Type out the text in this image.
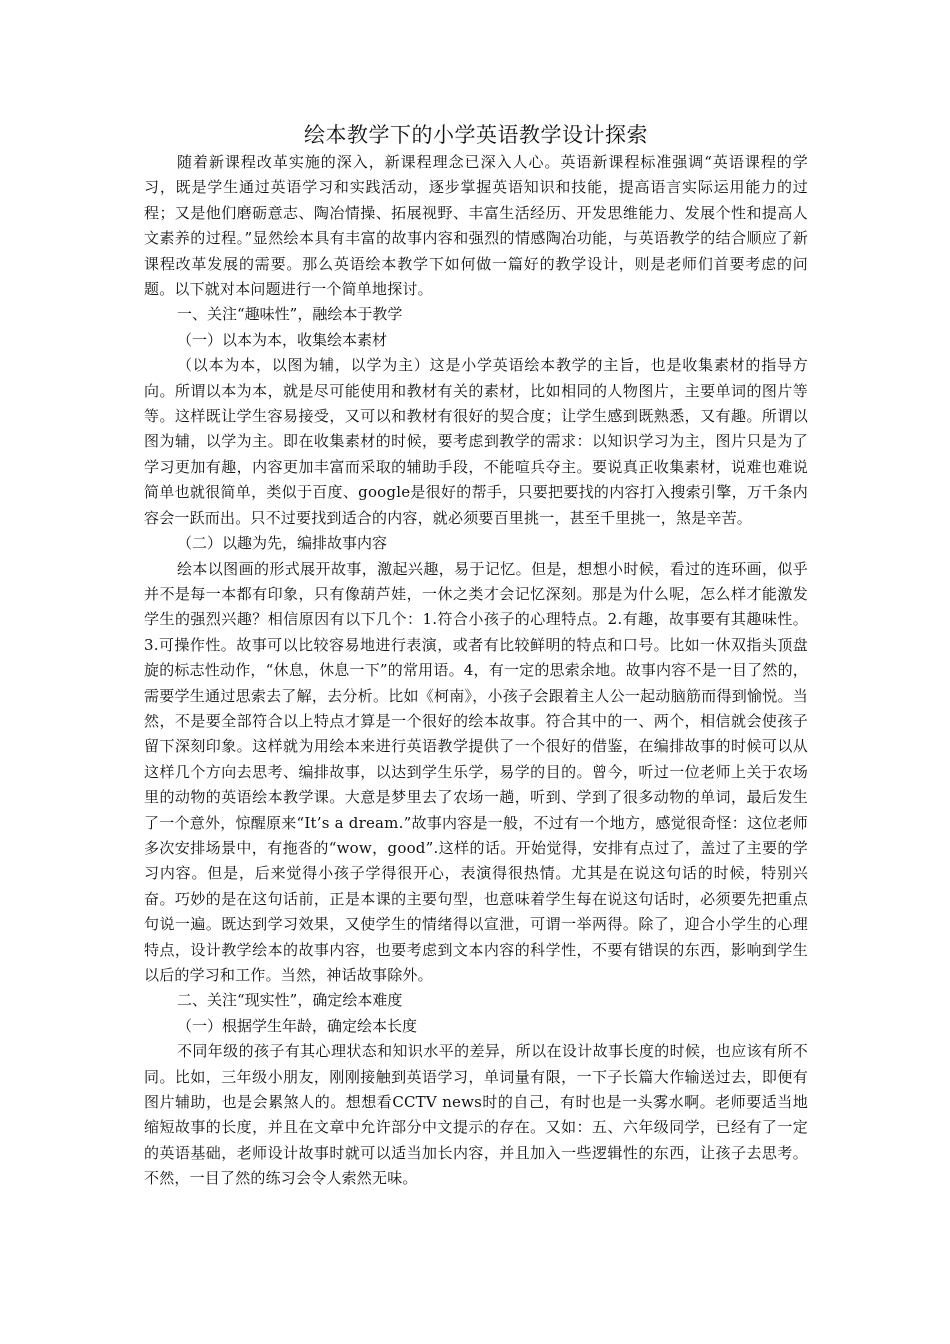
绘本教学下的小学英语教学设计探索

随着新课程改革实施的深入，新课程理念已深入人心。英语新课程标准强调“英语课程的学习，既是学生通过英语学习和实践活动，逐步掌握英语知识和技能，提高语言实际运用能力的过程；又是他们磨砺意志、陶冶情操、拓展视野、丰富生活经历、开发思维能力、发展个性和提高人文素养的过程。”显然绘本具有丰富的故事内容和强烈的情感陶冶功能，与英语教学的结合顺应了新课程改革发展的需要。那么英语绘本教学下如何做一篇好的教学设计，则是老师们首要考虑的问题。以下就对本问题进行一个简单地探讨。

一、关注“趣味性”，融绘本于教学

（一）以本为本，收集绘本素材

（以本为本，以图为辅，以学为主）这是小学英语绘本教学的主旨，也是收集素材的指导方向。所谓以本为本，就是尽可能使用和教材有关的素材，比如相同的人物图片，主要单词的图片等等。这样既让学生容易接受，又可以和教材有很好的契合度；让学生感到既熟悉，又有趣。所谓以图为辅，以学为主。即在收集素材的时候，要考虑到教学的需求：以知识学习为主，图片只是为了学习更加有趣，内容更加丰富而采取的辅助手段，不能喧兵夺主。要说真正收集素材，说难也难说简单也就很简单，类似于百度、google是很好的帮手，只要把要找的内容打入搜索引擎，万千条内容会一跃而出。只不过要找到适合的内容，就必须要百里挑一，甚至千里挑一，煞是辛苦。

（二）以趣为先，编排故事内容

绘本以图画的形式展开故事，激起兴趣，易于记忆。但是，想想小时候，看过的连环画，似乎并不是每一本都有印象，只有像葫芦娃，一休之类才会记忆深刻。那是为什么呢，怎么样才能激发学生的强烈兴趣？相信原因有以下几个：1.符合小孩子的心理特点。2.有趣，故事要有其趣味性。3.可操作性。故事可以比较容易地进行表演，或者有比较鲜明的特点和口号。比如一休双指头顶盘旋的标志性动作，“休息，休息一下”的常用语。4，有一定的思索余地。故事内容不是一目了然的，需要学生通过思索去了解，去分析。比如《柯南》，小孩子会跟着主人公一起动脑筋而得到愉悦。当然，不是要全部符合以上特点才算是一个很好的绘本故事。符合其中的一、两个，相信就会使孩子留下深刻印象。这样就为用绘本来进行英语教学提供了一个很好的借鉴，在编排故事的时候可以从这样几个方向去思考、编排故事，以达到学生乐学，易学的目的。曾今，听过一位老师上关于农场里的动物的英语绘本教学课。大意是梦里去了农场一趟，听到、学到了很多动物的单词，最后发生了一个意外，惊醒原来“It’s a dream.”故事内容是一般，不过有一个地方，感觉很奇怪：这位老师多次安排场景中，有拖沓的“wow，good”.这样的话。开始觉得，安排有点过了，盖过了主要的学习内容。但是，后来觉得小孩子学得很开心，表演得很热情。尤其是在说这句话的时候，特别兴奋。巧妙的是在这句话前，正是本课的主要句型，也意味着学生每在说这句话时，必须要先把重点句说一遍。既达到学习效果，又使学生的情绪得以宣泄，可谓一举两得。除了，迎合小学生的心理特点，设计教学绘本的故事内容，也要考虑到文本内容的科学性，不要有错误的东西，影响到学生以后的学习和工作。当然，神话故事除外。

二、关注“现实性”，确定绘本难度

（一）根据学生年龄，确定绘本长度

不同年级的孩子有其心理状态和知识水平的差异，所以在设计故事长度的时候，也应该有所不同。比如，三年级小朋友，刚刚接触到英语学习，单词量有限，一下子长篇大作输送过去，即便有图片辅助，也是会累煞人的。想想看CCTV news时的自己，有时也是一头雾水啊。老师要适当地缩短故事的长度，并且在文章中允许部分中文提示的存在。又如：五、六年级同学，已经有了一定的英语基础，老师设计故事时就可以适当加长内容，并且加入一些逻辑性的东西，让孩子去思考。不然，一目了然的练习会令人索然无味。
